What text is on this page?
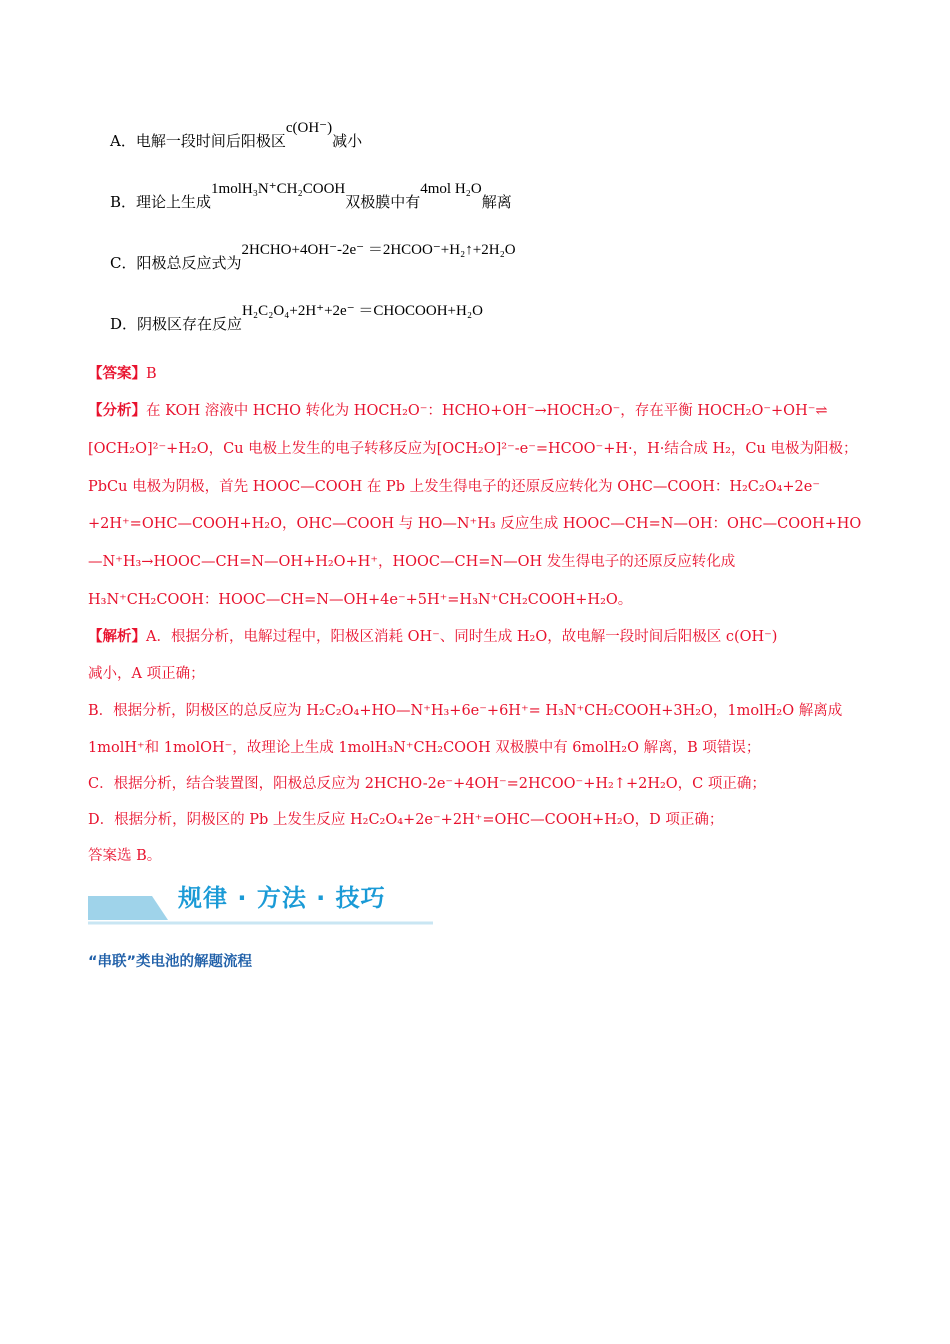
A．电解一段时间后阳极区c(OH⁻)减小
B．理论上生成1molH₃N⁺CH₂COOH双极膜中有4mol H₂O解离
C．阳极总反应式为2HCHO+4OH⁻-2e⁻ ＝2HCOO⁻+H₂↑+2H₂O
D．阴极区存在反应H₂C₂O₄+2H⁺+2e⁻ ＝CHOCOOH+H₂O
【答案】B
【分析】在 KOH 溶液中 HCHO 转化为 HOCH₂O⁻：HCHO+OH⁻→HOCH₂O⁻，存在平衡 HOCH₂O⁻+OH⁻⇌
[OCH₂O]²⁻+H₂O，Cu 电极上发生的电子转移反应为[OCH₂O]²⁻-e⁻=HCOO⁻+H·，H·结合成 H₂，Cu 电极为阳极；
PbCu 电极为阴极，首先 HOOC—COOH 在 Pb 上发生得电子的还原反应转化为 OHC—COOH：H₂C₂O₄+2e⁻
+2H⁺=OHC—COOH+H₂O，OHC—COOH 与 HO—N⁺H₃ 反应生成 HOOC—CH=N—OH：OHC—COOH+HO
—N⁺H₃→HOOC—CH=N—OH+H₂O+H⁺，HOOC—CH=N—OH 发生得电子的还原反应转化成
H₃N⁺CH₂COOH：HOOC—CH=N—OH+4e⁻+5H⁺=H₃N⁺CH₂COOH+H₂O。
【解析】A．根据分析，电解过程中，阳极区消耗 OH⁻、同时生成 H₂O，故电解一段时间后阳极区 c(OH⁻)
减小，A 项正确；
B．根据分析，阴极区的总反应为 H₂C₂O₄+HO—N⁺H₃+6e⁻+6H⁺= H₃N⁺CH₂COOH+3H₂O，1molH₂O 解离成
1molH⁺和 1molOH⁻，故理论上生成 1molH₃N⁺CH₂COOH 双极膜中有 6molH₂O 解离，B 项错误；
C．根据分析，结合装置图，阳极总反应为 2HCHO-2e⁻+4OH⁻=2HCOO⁻+H₂↑+2H₂O，C 项正确；
D．根据分析，阴极区的 Pb 上发生反应 H₂C₂O₄+2e⁻+2H⁺=OHC—COOH+H₂O，D 项正确；
答案选 B。
规律 · 方法 · 技巧
“串联”类电池的解题流程
